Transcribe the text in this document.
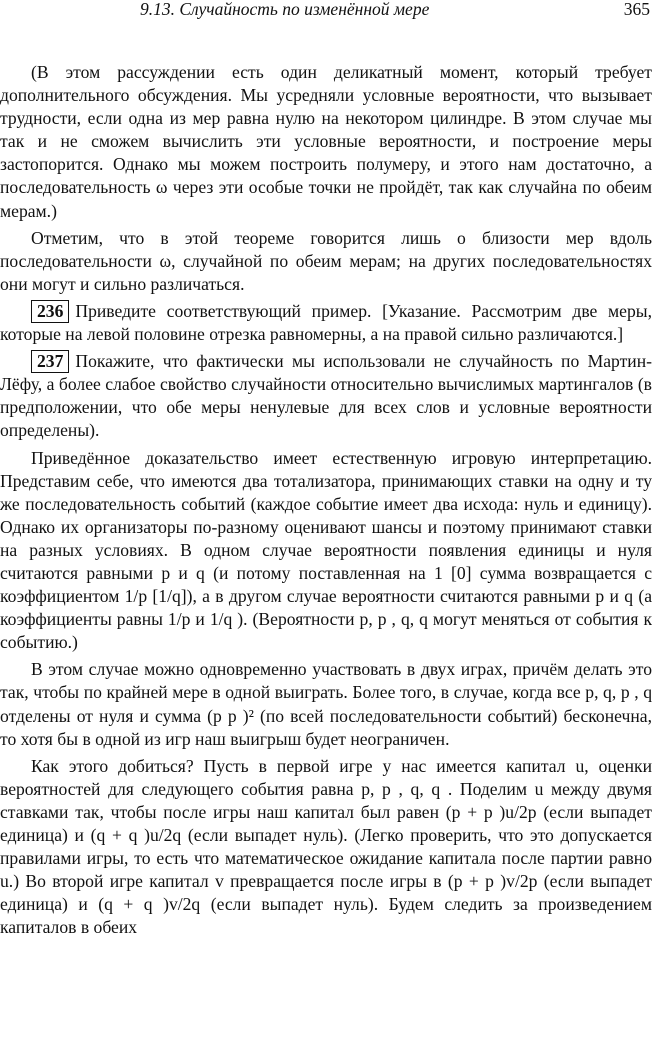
9.13. Случайность по изменённой мере	365

(В этом рассуждении есть один деликатный момент, который требует дополнительного обсуждения. Мы усредняли условные вероятности, что вызывает трудности, если одна из мер равна нулю на некотором цилиндре. В этом случае мы так и не сможем вычислить эти условные вероятности, и построение меры застопорится. Однако мы можем построить полумеру, и этого нам достаточно, а последовательность ω через эти особые точки не пройдёт, так как случайна по обеим мерам.)

Отметим, что в этой теореме говорится лишь о близости мер вдоль последовательности ω, случайной по обеим мерам; на других последовательностях они могут и сильно различаться.

236 Приведите соответствующий пример. [Указание. Рассмотрим две меры, которые на левой половине отрезка равномерны, а на правой сильно различаются.]

237 Покажите, что фактически мы использовали не случайность по Мартин-Лёфу, а более слабое свойство случайности относительно вычислимых мартингалов (в предположении, что обе меры ненулевые для всех слов и условные вероятности определены).

Приведённое доказательство имеет естественную игровую интерпретацию. Представим себе, что имеются два тотализатора, принимающих ставки на одну и ту же последовательность событий (каждое событие имеет два исхода: нуль и единицу). Однако их организаторы по-разному оценивают шансы и поэтому принимают ставки на разных условиях. В одном случае вероятности появления единицы и нуля считаются равными p и q (и потому поставленная на 1 [0] сумма возвращается с коэффициентом 1/p [1/q]), а в другом случае вероятности считаются равными p и q (а коэффициенты равны 1/p и 1/q ). (Вероятности p, p , q, q могут меняться от события к событию.)

В этом случае можно одновременно участвовать в двух играх, причём делать это так, чтобы по крайней мере в одной выиграть. Более того, в случае, когда все p, q, p , q отделены от нуля и сумма (p p )² (по всей последовательности событий) бесконечна, то хотя бы в одной из игр наш выигрыш будет неограничен.

Как этого добиться? Пусть в первой игре у нас имеется капитал u, оценки вероятностей для следующего события равна p, p , q, q . Поделим u между двумя ставками так, чтобы после игры наш капитал был равен (p + p )u/2p (если выпадет единица) и (q + q )u/2q (если выпадет нуль). (Легко проверить, что это допускается правилами игры, то есть что математическое ожидание капитала после партии равно u.) Во второй игре капитал v превращается после игры в (p + p )v/2p (если выпадет единица) и (q + q )v/2q (если выпадет нуль). Будем следить за произведением капиталов в обеих
